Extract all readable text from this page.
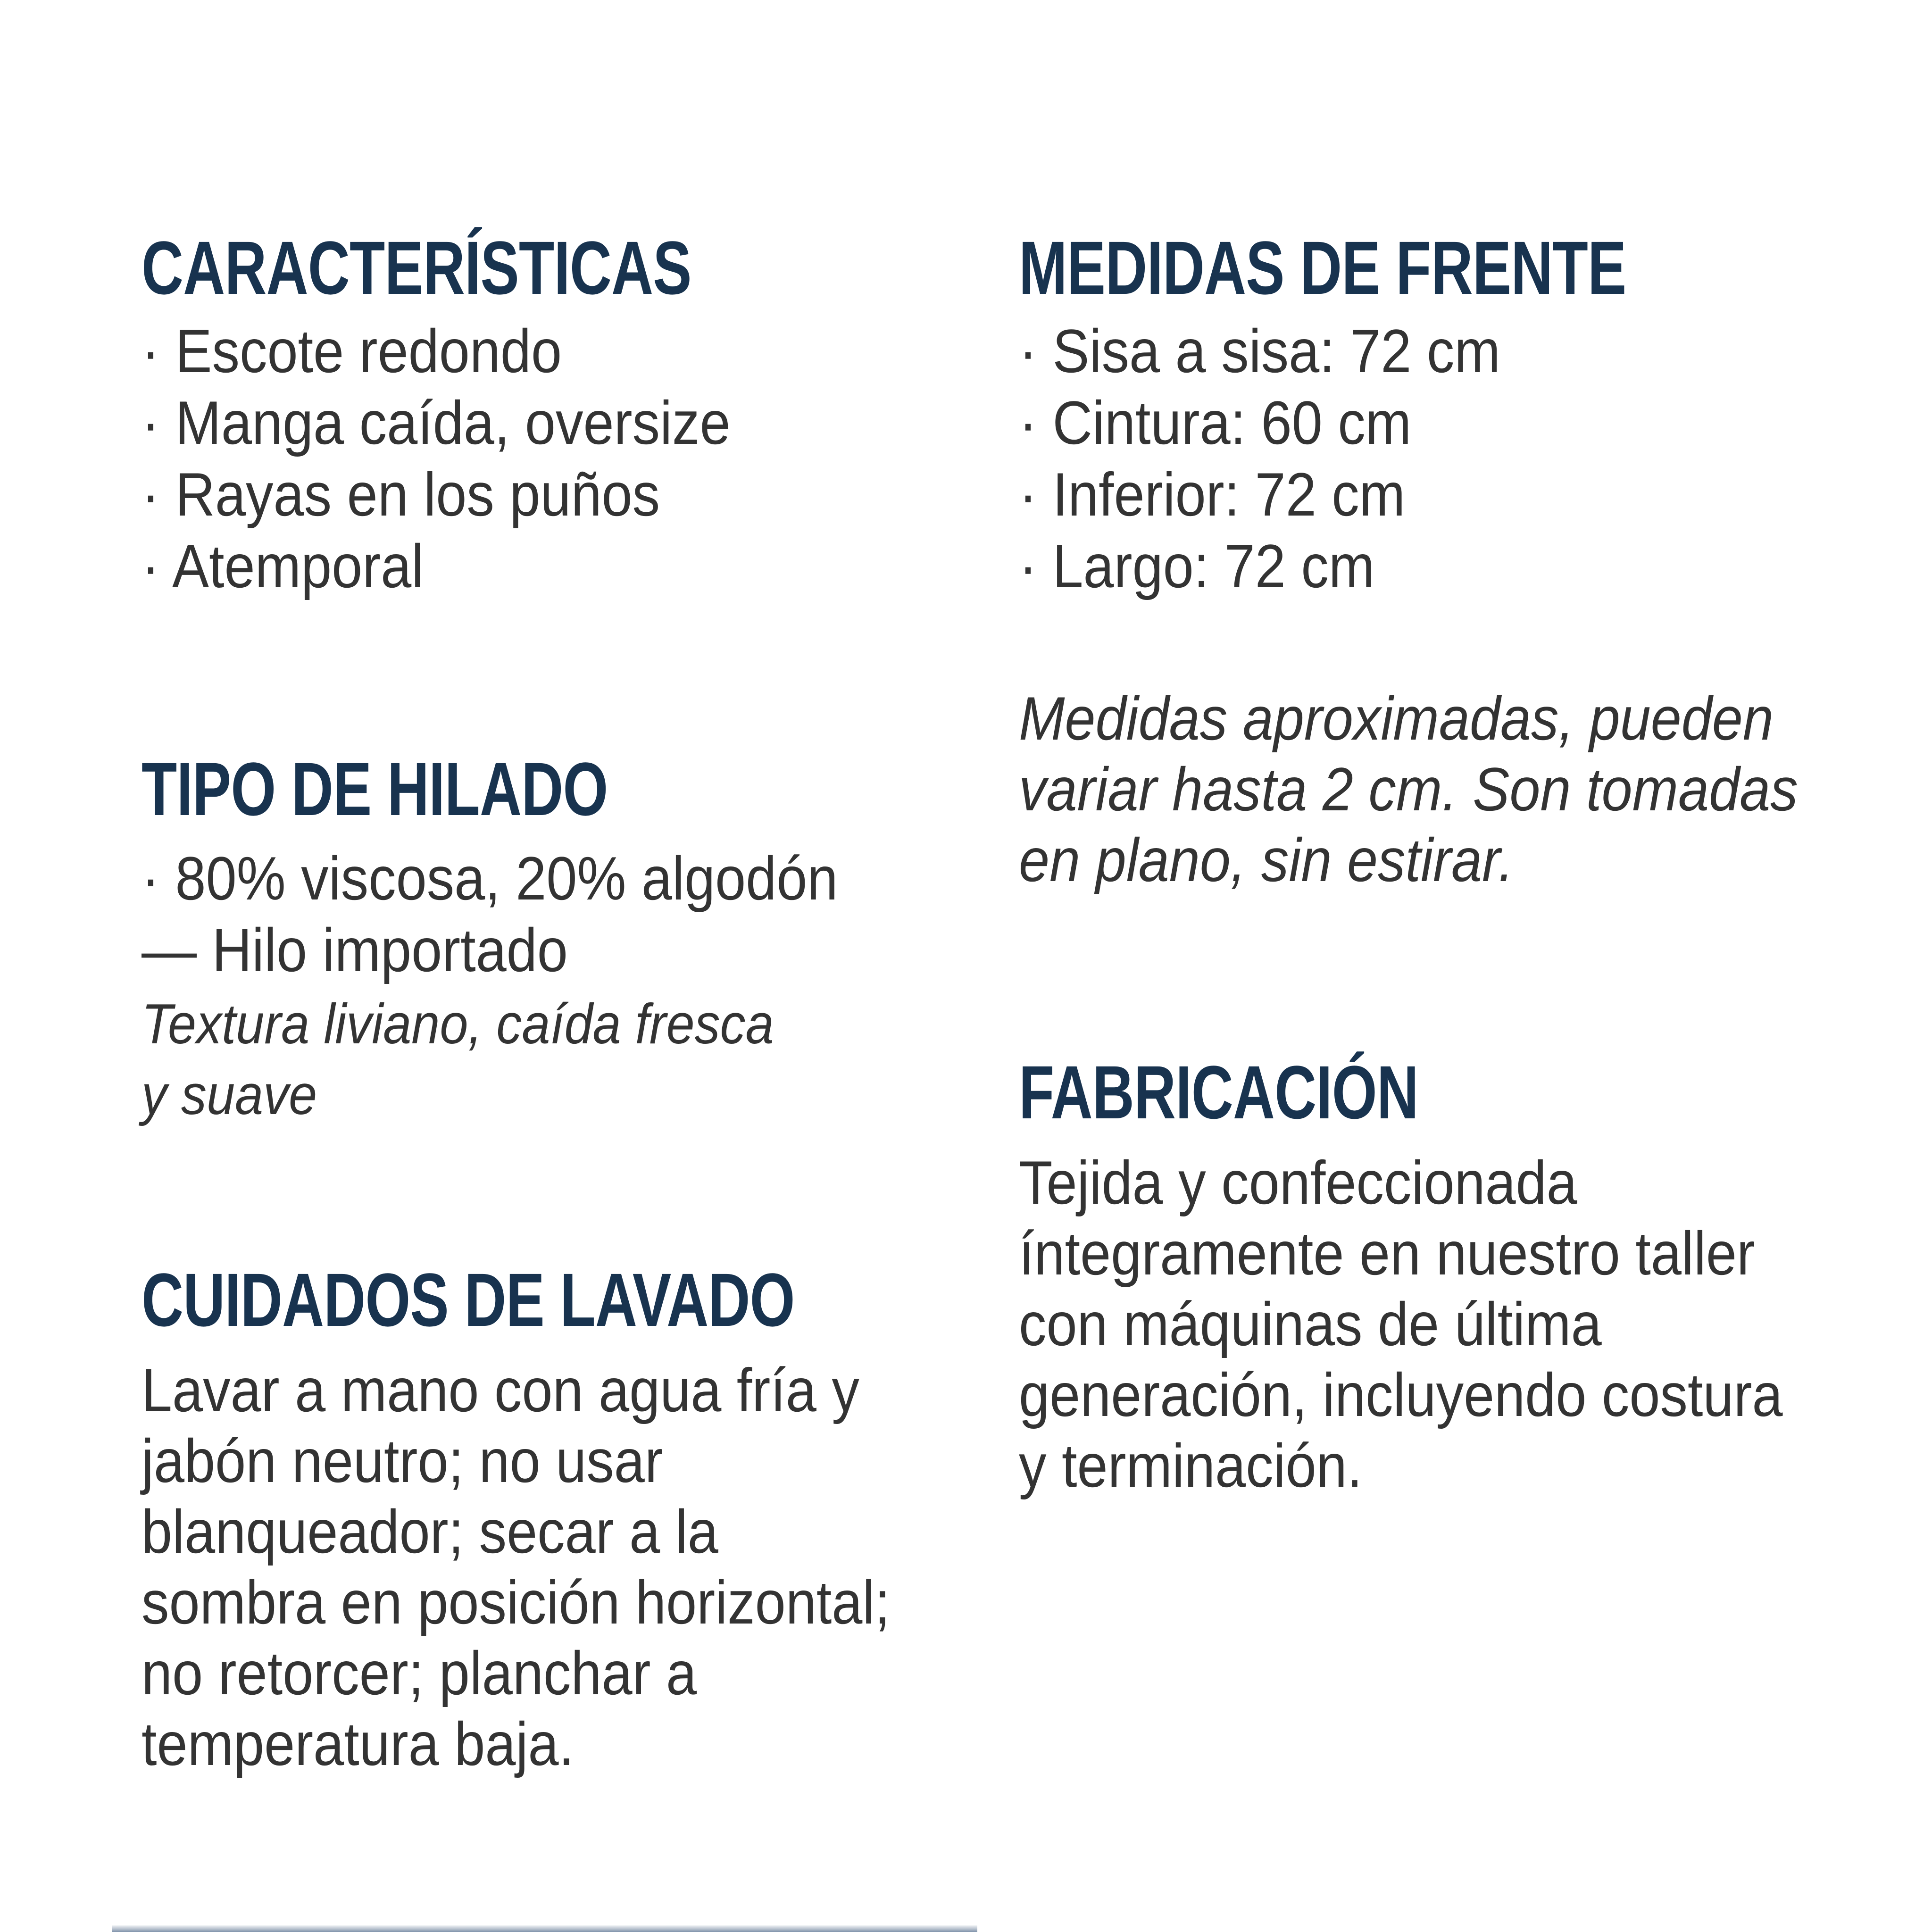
CARACTERÍSTICAS
· Escote redondo
· Manga caída, oversize
· Rayas en los puños
· Atemporal
TIPO DE HILADO
· 80% viscosa, 20% algodón
— Hilo importado
Textura liviano, caída fresca
y suave
CUIDADOS DE LAVADO
Lavar a mano con agua fría y
jabón neutro; no usar
blanqueador; secar a la
sombra en posición horizontal;
no retorcer; planchar a
temperatura baja.
MEDIDAS DE FRENTE
· Sisa a sisa: 72 cm
· Cintura: 60 cm
· Inferior: 72 cm
· Largo: 72 cm
Medidas aproximadas, pueden
variar hasta 2 cm. Son tomadas
en plano, sin estirar.
FABRICACIÓN
Tejida y confeccionada
íntegramente en nuestro taller
con máquinas de última
generación, incluyendo costura
y terminación.
